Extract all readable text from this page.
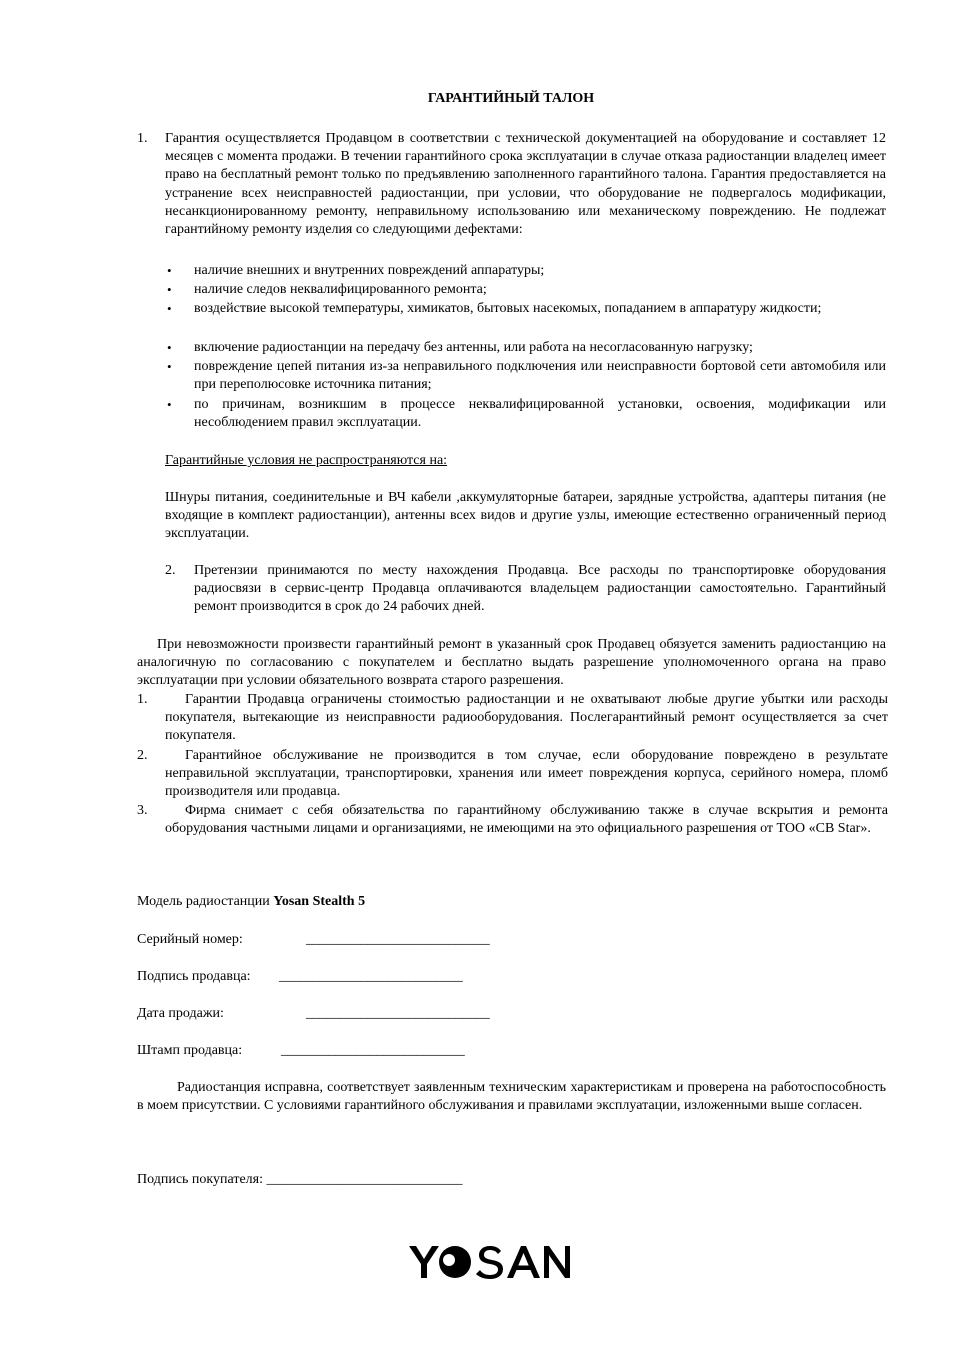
ГАРАНТИЙНЫЙ ТАЛОН
1. Гарантия осуществляется Продавцом в соответствии с технической документацией на оборудование и составляет 12 месяцев с момента продажи. В течении гарантийного срока эксплуатации в случае отказа радиостанции владелец имеет право на бесплатный ремонт только по предъявлению заполненного гарантийного талона. Гарантия предоставляется на устранение всех неисправностей радиостанции, при условии, что оборудование не подвергалось модификации, несанкционированному ремонту, неправильному использованию или механическому повреждению. Не подлежат гарантийному ремонту изделия со следующими дефектами:
• наличие внешних и внутренних повреждений аппаратуры;
• наличие следов неквалифицированного ремонта;
• воздействие высокой температуры, химикатов, бытовых насекомых, попаданием в аппаратуру жидкости;
• включение радиостанции на передачу без антенны, или работа на несогласованную нагрузку;
• повреждение цепей питания из-за неправильного подключения или неисправности бортовой сети автомобиля или при переполюсовке источника питания;
• по причинам, возникшим в процессе неквалифицированной установки, освоения, модификации или несоблюдением правил эксплуатации.
Гарантийные условия не распространяются на:
Шнуры питания, соединительные и ВЧ кабели ,аккумуляторные батареи, зарядные устройства, адаптеры питания (не входящие в комплект радиостанции), антенны всех видов и другие узлы, имеющие естественно ограниченный период эксплуатации.
2. Претензии принимаются по месту нахождения Продавца. Все расходы по транспортировке оборудования радиосвязи в сервис-центр Продавца оплачиваются владельцем радиостанции самостоятельно. Гарантийный ремонт производится в срок до 24 рабочих дней.
При невозможности произвести гарантийный ремонт в указанный срок Продавец обязуется заменить радиостанцию на аналогичную по согласованию с покупателем и бесплатно выдать разрешение уполномоченного органа на право эксплуатации при условии обязательного возврата старого разрешения.
1.	Гарантии Продавца ограничены стоимостью радиостанции и не охватывают любые другие убытки или расходы покупателя, вытекающие из неисправности радиооборудования. Послегарантийный ремонт осуществляется за счет покупателя.
2.	Гарантийное обслуживание не производится в том случае, если оборудование повреждено в результате неправильной эксплуатации, транспортировки, хранения или имеет повреждения корпуса, серийного номера, пломб производителя или продавца.
3.	Фирма снимает с себя обязательства по гарантийному обслуживанию также в случае вскрытия и ремонта оборудования частными лицами и организациями, не имеющими на это официального разрешения от ТОО «CB Star».
Модель радиостанции Yosan Stealth 5
Серийный номер:	___________________________
Подпись продавца: ___________________________
Дата продажи:	___________________________
Штамп продавца:	___________________________
Радиостанция исправна, соответствует заявленным техническим характеристикам и проверена на работоспособность в моем присутствии. С условиями гарантийного обслуживания и правилами эксплуатации, изложенными выше согласен.
Подпись покупателя: ____________________________
